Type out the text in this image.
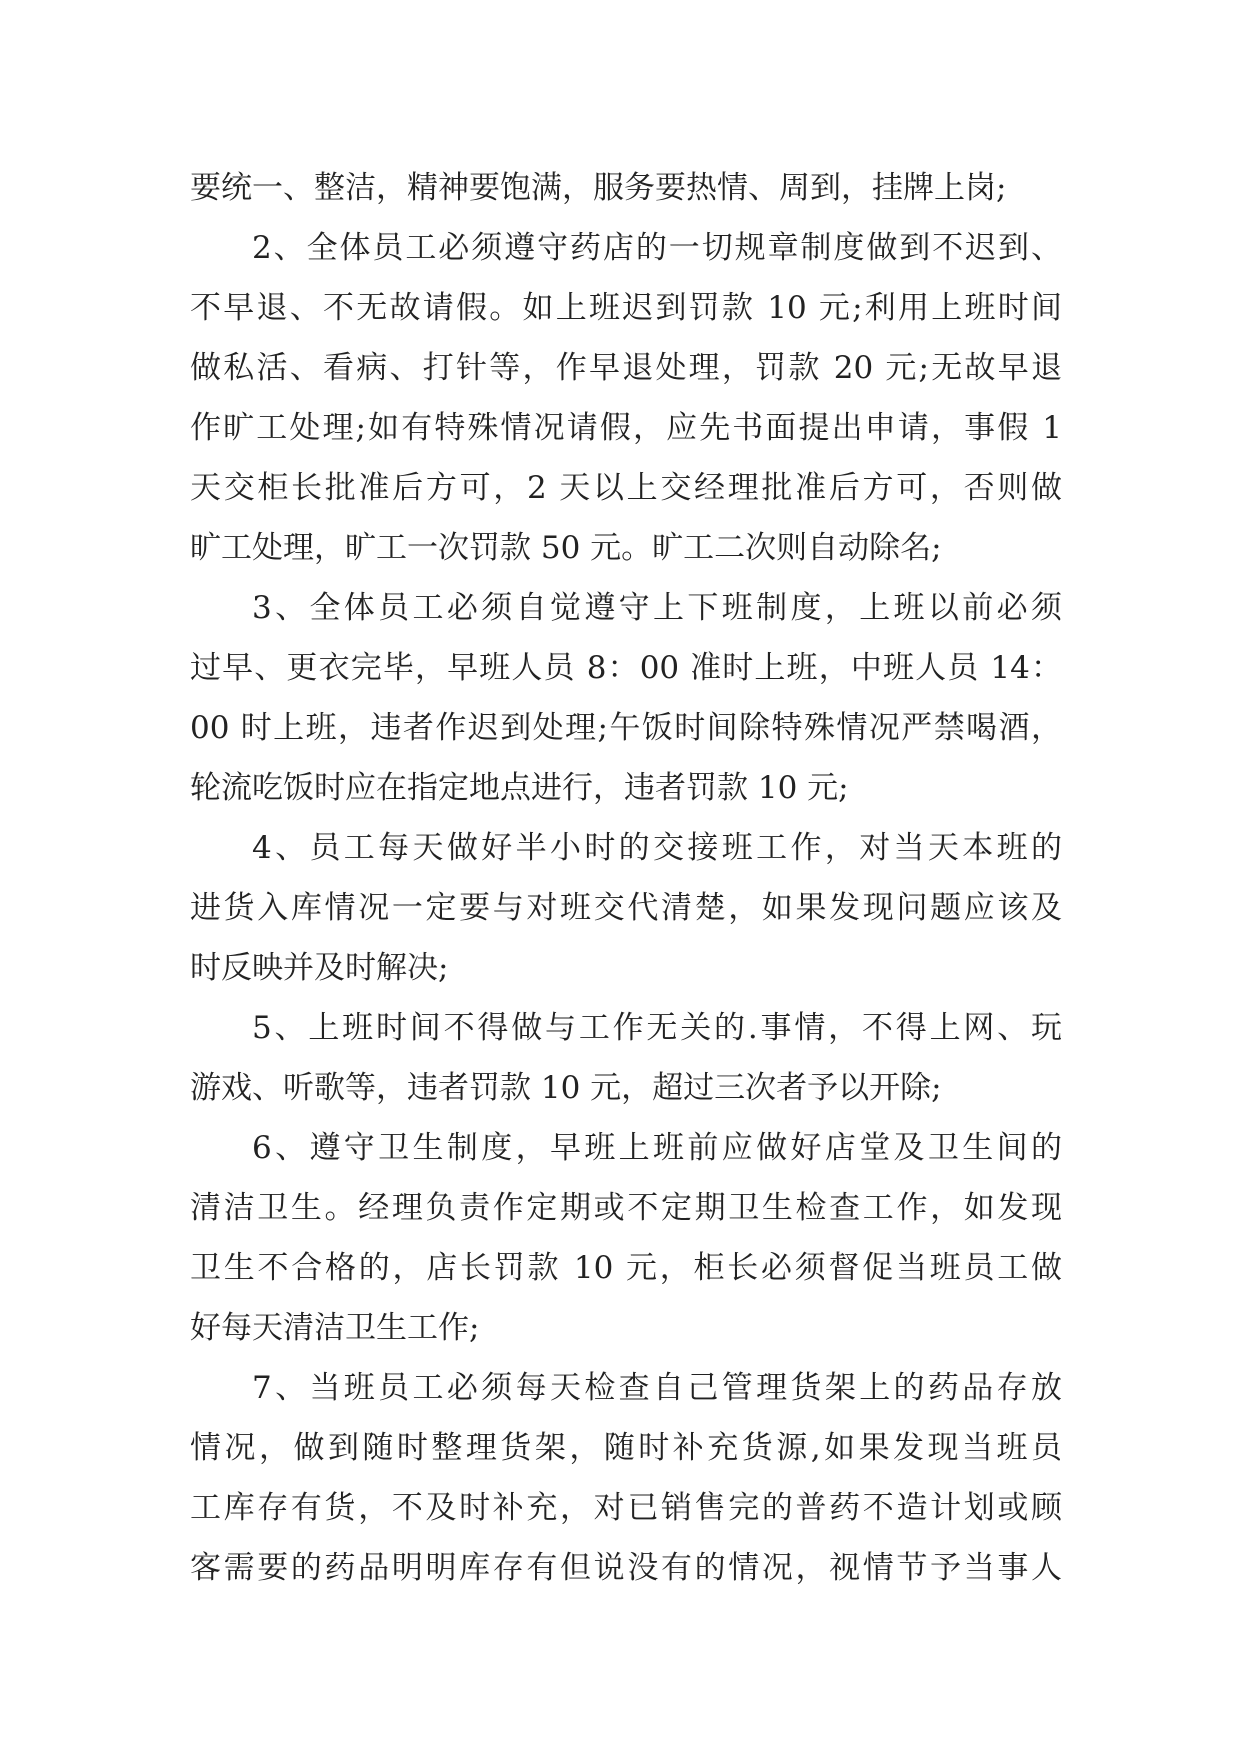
要统一、整洁，精神要饱满，服务要热情、周到，挂牌上岗;
2、全体员工必须遵守药店的一切规章制度做到不迟到、
不早退、不无故请假。如上班迟到罚款 10 元;利用上班时间
做私活、看病、打针等，作早退处理，罚款 20 元;无故早退
作旷工处理;如有特殊情况请假，应先书面提出申请，事假 1
天交柜长批准后方可，2 天以上交经理批准后方可，否则做
旷工处理，旷工一次罚款 50 元。旷工二次则自动除名;
3、全体员工必须自觉遵守上下班制度，上班以前必须
过早、更衣完毕，早班人员 8：00 准时上班，中班人员 14：
00 时上班，违者作迟到处理;午饭时间除特殊情况严禁喝酒，
轮流吃饭时应在指定地点进行，违者罚款 10 元;
4、员工每天做好半小时的交接班工作，对当天本班的
进货入库情况一定要与对班交代清楚，如果发现问题应该及
时反映并及时解决;
5、上班时间不得做与工作无关的.事情，不得上网、玩
游戏、听歌等，违者罚款 10 元，超过三次者予以开除;
6、遵守卫生制度，早班上班前应做好店堂及卫生间的
清洁卫生。经理负责作定期或不定期卫生检查工作，如发现
卫生不合格的，店长罚款 10 元，柜长必须督促当班员工做
好每天清洁卫生工作;
7、当班员工必须每天检查自己管理货架上的药品存放
情况，做到随时整理货架，随时补充货源,如果发现当班员
工库存有货，不及时补充，对已销售完的普药不造计划或顾
客需要的药品明明库存有但说没有的情况，视情节予当事人
